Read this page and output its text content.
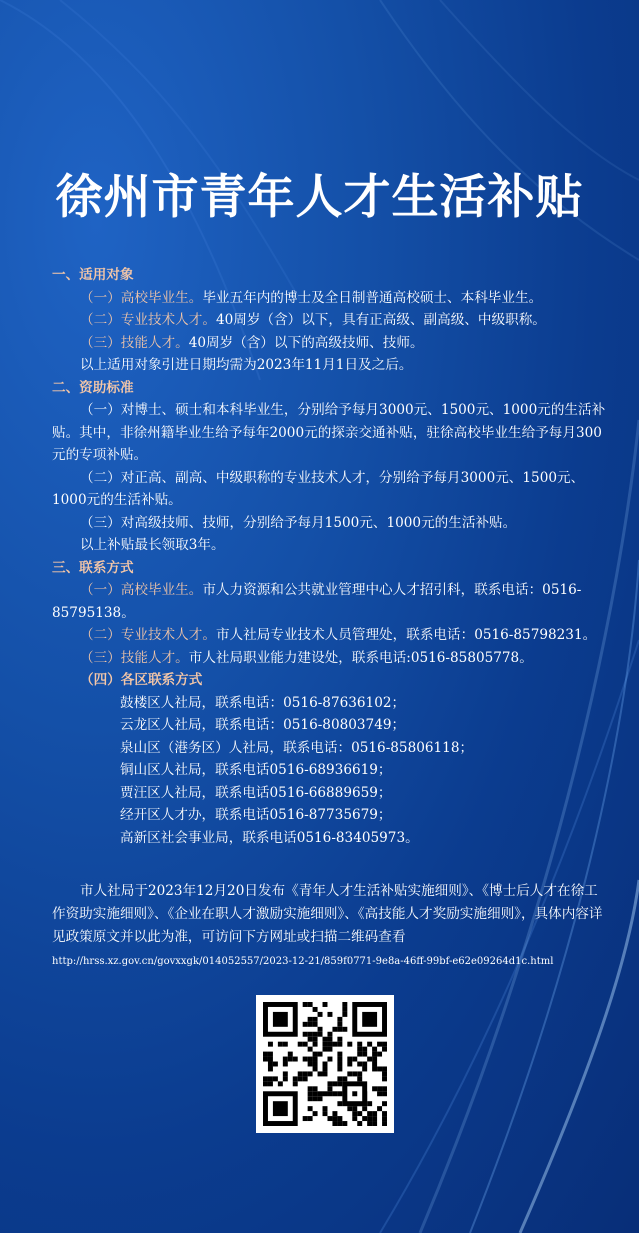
徐州市青年人才生活补贴
一、适用对象
（一）高校毕业生。毕业五年内的博士及全日制普通高校硕士、本科毕业生。
（二）专业技术人才。40周岁（含）以下，具有正高级、副高级、中级职称。
（三）技能人才。40周岁（含）以下的高级技师、技师。
以上适用对象引进日期均需为2023年11月1日及之后。
二、资助标准
（一）对博士、硕士和本科毕业生，分别给予每月3000元、1500元、1000元的生活补贴。其中，非徐州籍毕业生给予每年2000元的探亲交通补贴，驻徐高校毕业生给予每月300元的专项补贴。
（二）对正高、副高、中级职称的专业技术人才，分别给予每月3000元、1500元、1000元的生活补贴。
（三）对高级技师、技师，分别给予每月1500元、1000元的生活补贴。
以上补贴最长领取3年。
三、联系方式
（一）高校毕业生。市人力资源和公共就业管理中心人才招引科，联系电话：0516-85795138。
（二）专业技术人才。市人社局专业技术人员管理处，联系电话：0516-85798231。
（三）技能人才。市人社局职业能力建设处，联系电话:0516-85805778。
（四）各区联系方式
鼓楼区人社局，联系电话：0516-87636102；
云龙区人社局，联系电话：0516-80803749；
泉山区（港务区）人社局，联系电话：0516-85806118；
铜山区人社局，联系电话0516-68936619；
贾汪区人社局，联系电话0516-66889659；
经开区人才办，联系电话0516-87735679；
高新区社会事业局，联系电话0516-83405973。
市人社局于2023年12月20日发布《青年人才生活补贴实施细则》、《博士后人才在徐工作资助实施细则》、《企业在职人才激励实施细则》、《高技能人才奖励实施细则》，具体内容详见政策原文并以此为准，可访问下方网址或扫描二维码查看http://hrss.xz.gov.cn/govxxgk/014052557/2023-12-21/859f0771-9e8a-46ff-99bf-e62e09264d1c.html
